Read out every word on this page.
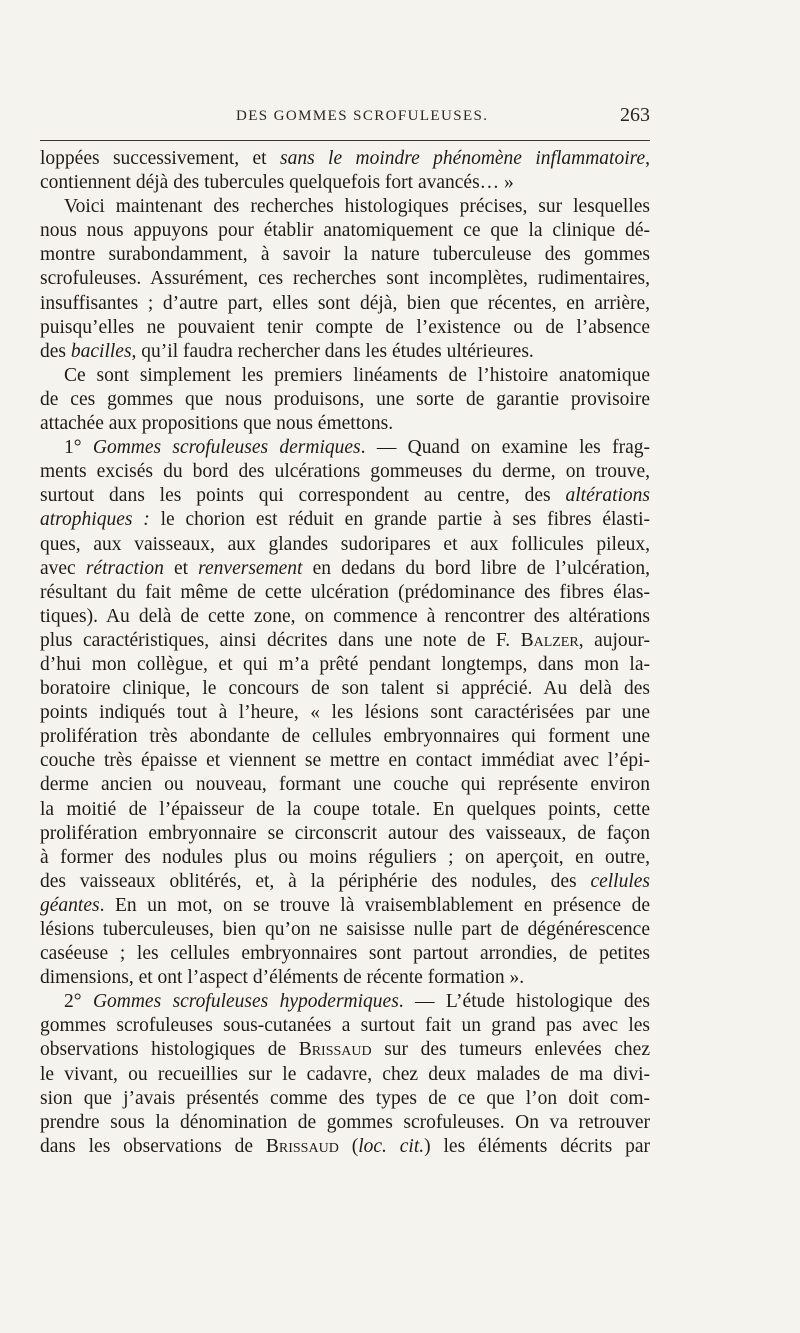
DES GOMMES SCROFULEUSES.	263
loppées successivement, et sans le moindre phénomène inflammatoire,
contiennent déjà des tubercules quelquefois fort avancés… »
Voici maintenant des recherches histologiques précises, sur lesquelles
nous nous appuyons pour établir anatomiquement ce que la clinique dé-
montre surabondamment, à savoir la nature tuberculeuse des gommes
scrofuleuses. Assurément, ces recherches sont incomplètes, rudimentaires,
insuffisantes ; d’autre part, elles sont déjà, bien que récentes, en arrière,
puisqu’elles ne pouvaient tenir compte de l’existence ou de l’absence
des bacilles, qu’il faudra rechercher dans les études ultérieures.
Ce sont simplement les premiers linéaments de l’histoire anatomique
de ces gommes que nous produisons, une sorte de garantie provisoire
attachée aux propositions que nous émettons.
1° Gommes scrofuleuses dermiques. — Quand on examine les frag-
ments excisés du bord des ulcérations gommeuses du derme, on trouve,
surtout dans les points qui correspondent au centre, des altérations
atrophiques : le chorion est réduit en grande partie à ses fibres élasti-
ques, aux vaisseaux, aux glandes sudoripares et aux follicules pileux,
avec rétraction et renversement en dedans du bord libre de l’ulcération,
résultant du fait même de cette ulcération (prédominance des fibres élas-
tiques). Au delà de cette zone, on commence à rencontrer des altérations
plus caractéristiques, ainsi décrites dans une note de F. Balzer, aujour-
d’hui mon collègue, et qui m’a prêté pendant longtemps, dans mon la-
boratoire clinique, le concours de son talent si apprécié. Au delà des
points indiqués tout à l’heure, « les lésions sont caractérisées par une
prolifération très abondante de cellules embryonnaires qui forment une
couche très épaisse et viennent se mettre en contact immédiat avec l’épi-
derme ancien ou nouveau, formant une couche qui représente environ
la moitié de l’épaisseur de la coupe totale. En quelques points, cette
prolifération embryonnaire se circonscrit autour des vaisseaux, de façon
à former des nodules plus ou moins réguliers ; on aperçoit, en outre,
des vaisseaux oblitérés, et, à la périphérie des nodules, des cellules
géantes. En un mot, on se trouve là vraisemblablement en présence de
lésions tuberculeuses, bien qu’on ne saisisse nulle part de dégénérescence
caséeuse ; les cellules embryonnaires sont partout arrondies, de petites
dimensions, et ont l’aspect d’éléments de récente formation ».
2° Gommes scrofuleuses hypodermiques. — L’étude histologique des
gommes scrofuleuses sous-cutanées a surtout fait un grand pas avec les
observations histologiques de Brissaud sur des tumeurs enlevées chez
le vivant, ou recueillies sur le cadavre, chez deux malades de ma divi-
sion que j’avais présentés comme des types de ce que l’on doit com-
prendre sous la dénomination de gommes scrofuleuses. On va retrouver
dans les observations de Brissaud (loc. cit.) les éléments décrits par
